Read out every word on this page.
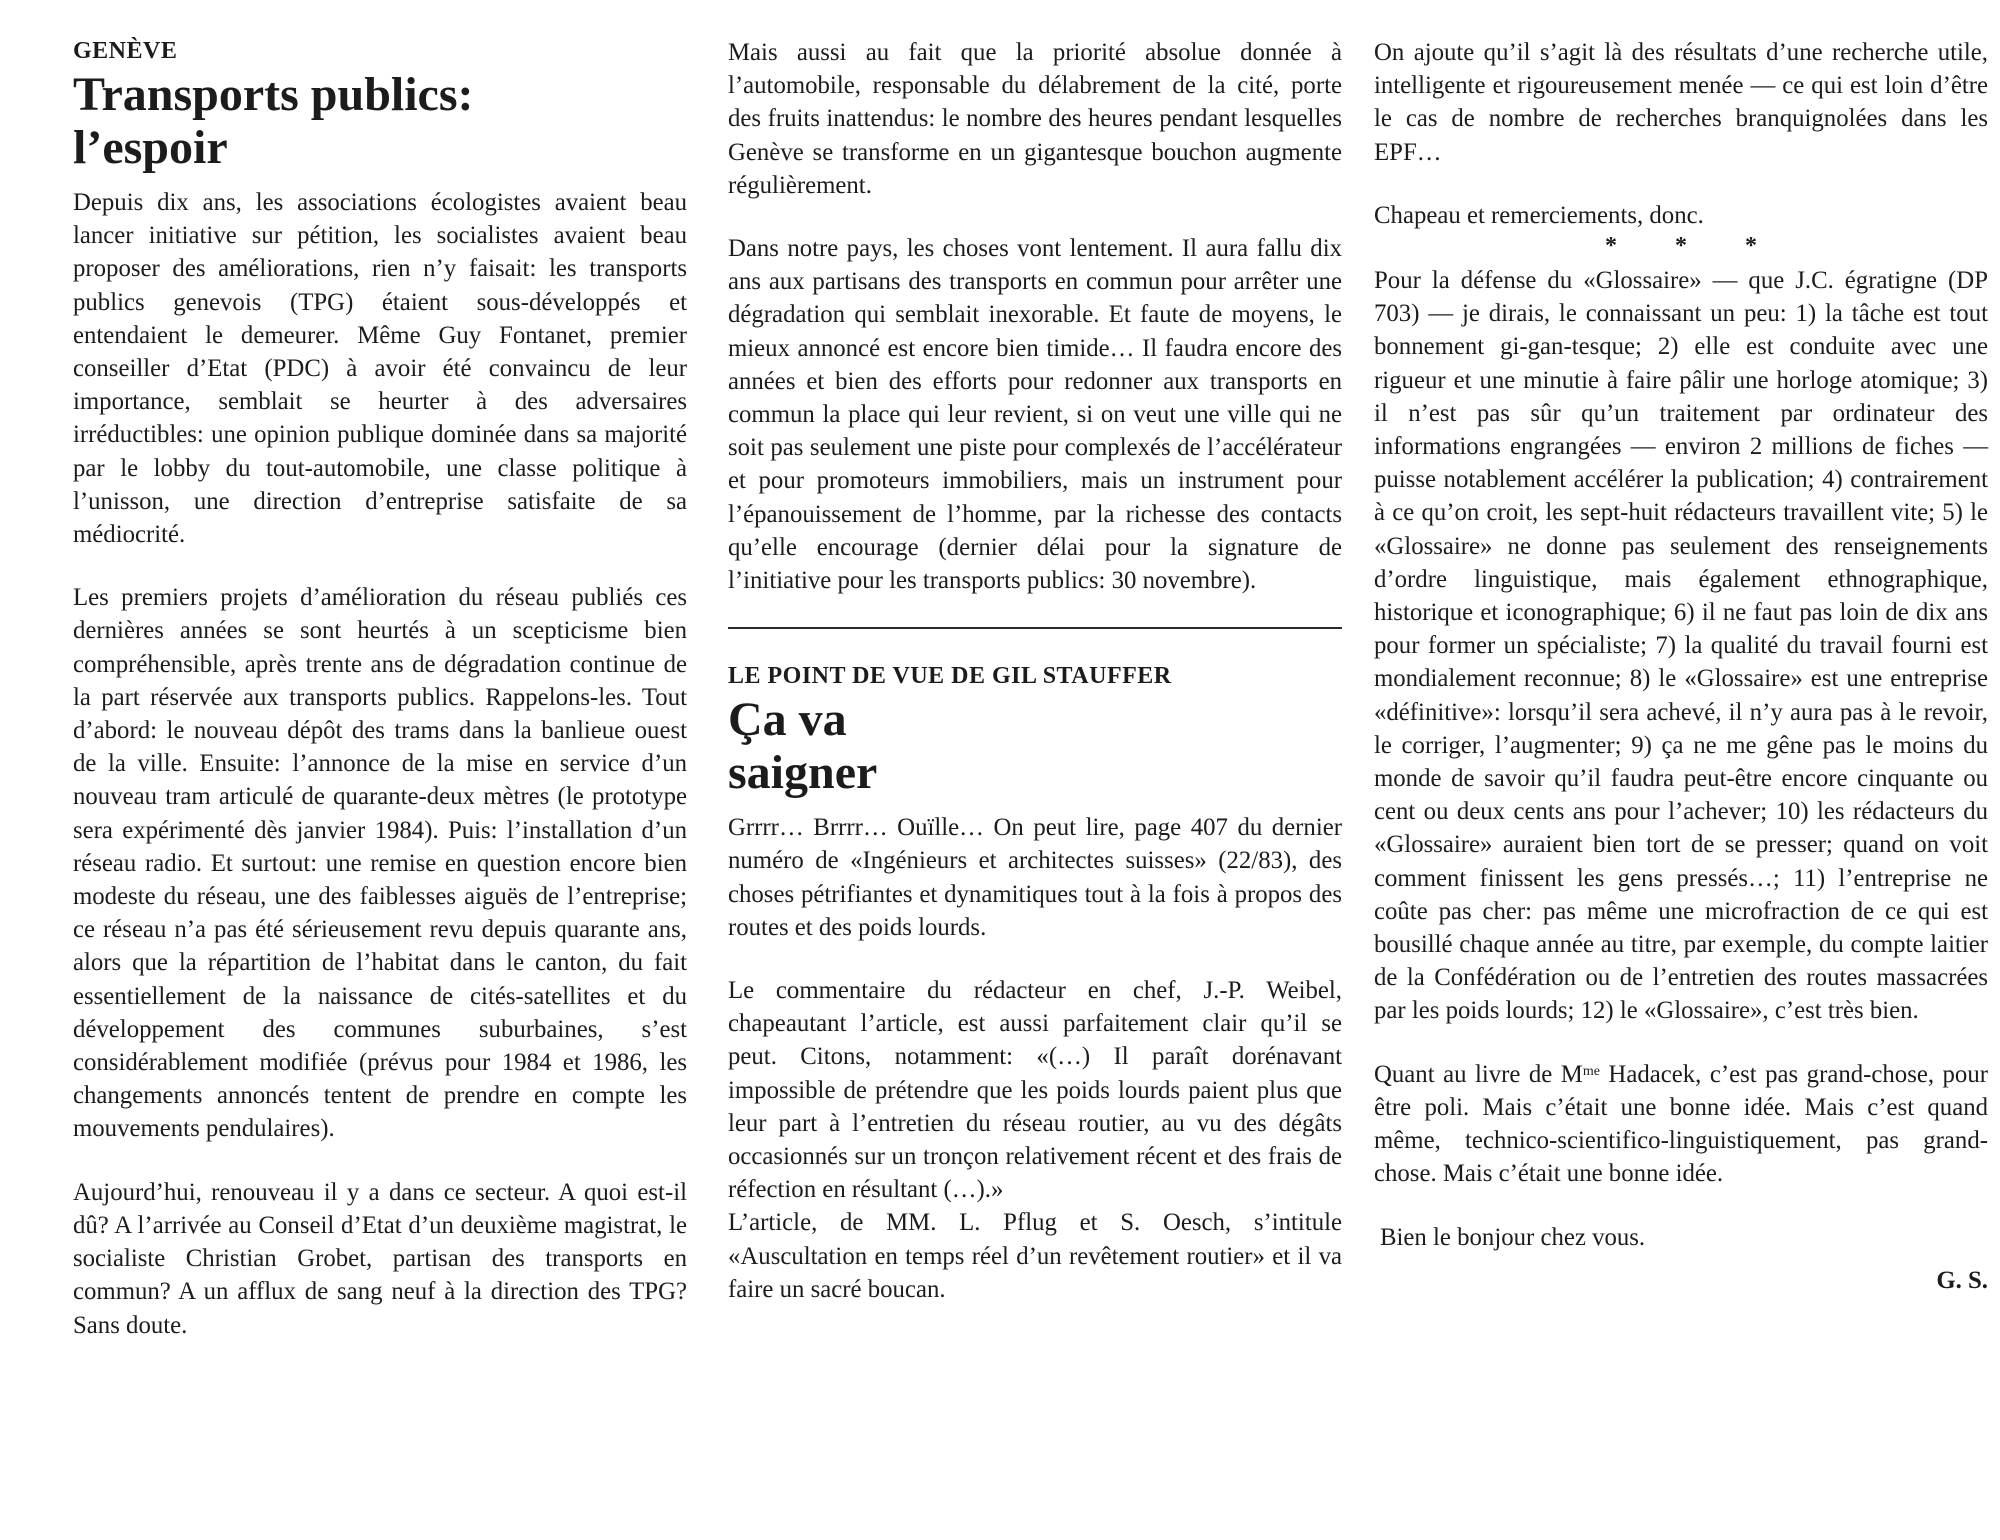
GENÈVE
Transports publics:
l’espoir

Depuis dix ans, les associations écologistes avaient beau lancer initiative sur pétition, les socialistes avaient beau proposer des améliorations, rien n’y faisait: les transports publics genevois (TPG) étaient sous-développés et entendaient le demeurer. Même Guy Fontanet, premier conseiller d’Etat (PDC) à avoir été convaincu de leur importance, semblait se heurter à des adversaires irréductibles: une opinion publique dominée dans sa majorité par le lobby du tout-automobile, une classe politique à l’unisson, une direction d’entreprise satisfaite de sa médiocrité.

Les premiers projets d’amélioration du réseau publiés ces dernières années se sont heurtés à un scepticisme bien compréhensible, après trente ans de dégradation continue de la part réservée aux transports publics. Rappelons-les. Tout d’abord: le nouveau dépôt des trams dans la banlieue ouest de la ville. Ensuite: l’annonce de la mise en service d’un nouveau tram articulé de quarante-deux mètres (le prototype sera expérimenté dès janvier 1984). Puis: l’installation d’un réseau radio. Et surtout: une remise en question encore bien modeste du réseau, une des faiblesses aiguës de l’entreprise; ce réseau n’a pas été sérieusement revu depuis quarante ans, alors que la répartition de l’habitat dans le canton, du fait essentiellement de la naissance de cités-satellites et du développement des communes suburbaines, s’est considérablement modifiée (prévus pour 1984 et 1986, les changements annoncés tentent de prendre en compte les mouvements pendulaires).

Aujourd’hui, renouveau il y a dans ce secteur. A quoi est-il dû? A l’arrivée au Conseil d’Etat d’un deuxième magistrat, le socialiste Christian Grobet, partisan des transports en commun? A un afflux de sang neuf à la direction des TPG? Sans doute.

Mais aussi au fait que la priorité absolue donnée à l’automobile, responsable du délabrement de la cité, porte des fruits inattendus: le nombre des heures pendant lesquelles Genève se transforme en un gigantesque bouchon augmente régulièrement.

Dans notre pays, les choses vont lentement. Il aura fallu dix ans aux partisans des transports en commun pour arrêter une dégradation qui semblait inexorable. Et faute de moyens, le mieux annoncé est encore bien timide… Il faudra encore des années et bien des efforts pour redonner aux transports en commun la place qui leur revient, si on veut une ville qui ne soit pas seulement une piste pour complexés de l’accélérateur et pour promoteurs immobiliers, mais un instrument pour l’épanouissement de l’homme, par la richesse des contacts qu’elle encourage (dernier délai pour la signature de l’initiative pour les transports publics: 30 novembre).

LE POINT DE VUE DE GIL STAUFFER
Ça va
saigner

Grrrr… Brrrr… Ouïlle… On peut lire, page 407 du dernier numéro de «Ingénieurs et architectes suisses» (22/83), des choses pétrifiantes et dynamitiques tout à la fois à propos des routes et des poids lourds.

Le commentaire du rédacteur en chef, J.-P. Weibel, chapeautant l’article, est aussi parfaitement clair qu’il se peut. Citons, notamment: «(…) Il paraît dorénavant impossible de prétendre que les poids lourds paient plus que leur part à l’entretien du réseau routier, au vu des dégâts occasionnés sur un tronçon relativement récent et des frais de réfection en résultant (…).»

L’article, de MM. L. Pflug et S. Oesch, s’intitule «Auscultation en temps réel d’un revêtement routier» et il va faire un sacré boucan.

On ajoute qu’il s’agit là des résultats d’une recherche utile, intelligente et rigoureusement menée — ce qui est loin d’être le cas de nombre de recherches branquignolées dans les EPF…

Chapeau et remerciements, donc.

* * *

Pour la défense du «Glossaire» — que J.C. égratigne (DP 703) — je dirais, le connaissant un peu: 1) la tâche est tout bonnement gi-gan-tesque; 2) elle est conduite avec une rigueur et une minutie à faire pâlir une horloge atomique; 3) il n’est pas sûr qu’un traitement par ordinateur des informations engrangées — environ 2 millions de fiches — puisse notablement accélérer la publication; 4) contrairement à ce qu’on croit, les sept-huit rédacteurs travaillent vite; 5) le «Glossaire» ne donne pas seulement des renseignements d’ordre linguistique, mais également ethnographique, historique et iconographique; 6) il ne faut pas loin de dix ans pour former un spécialiste; 7) la qualité du travail fourni est mondialement reconnue; 8) le «Glossaire» est une entreprise «définitive»: lorsqu’il sera achevé, il n’y aura pas à le revoir, le corriger, l’augmenter; 9) ça ne me gêne pas le moins du monde de savoir qu’il faudra peut-être encore cinquante ou cent ou deux cents ans pour l’achever; 10) les rédacteurs du «Glossaire» auraient bien tort de se presser; quand on voit comment finissent les gens pressés…; 11) l’entreprise ne coûte pas cher: pas même une microfraction de ce qui est bousillé chaque année au titre, par exemple, du compte laitier de la Confédération ou de l’entretien des routes massacrées par les poids lourds; 12) le «Glossaire», c’est très bien.

Quant au livre de $M^{me}$ Hadacek, c’est pas grand-chose, pour être poli. Mais c’était une bonne idée. Mais c’est quand même, technico-scientifico-linguistiquement, pas grand-chose. Mais c’était une bonne idée.

Bien le bonjour chez vous.

G. S.
